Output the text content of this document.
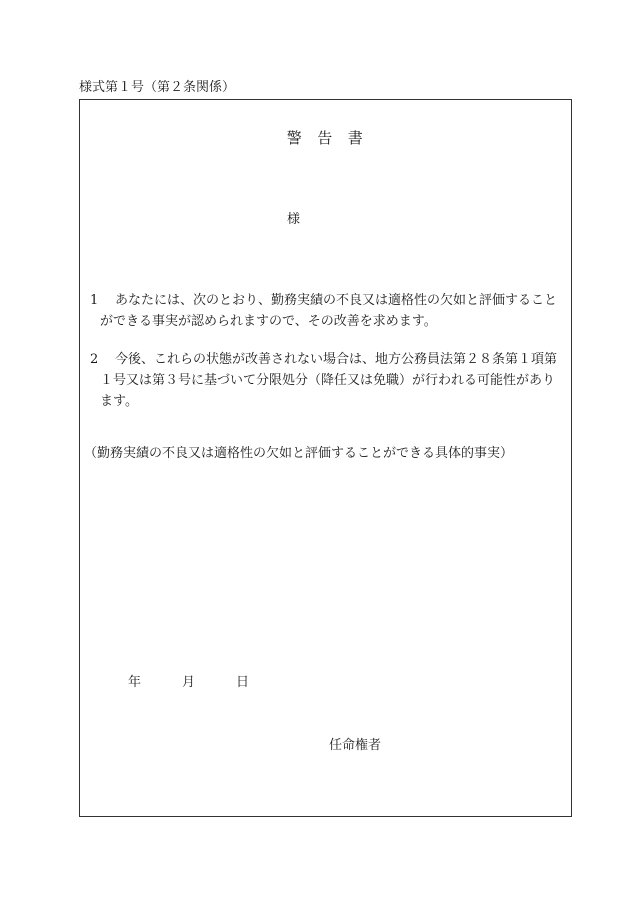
様式第１号（第２条関係）
警 告 書
様
1 あなたには、次のとおり、勤務実績の不良又は適格性の欠如と評価すること
ができる事実が認められますので、その改善を求めます。
2 今後、これらの状態が改善されない場合は、地方公務員法第２８条第１項第
１号又は第３号に基づいて分限処分（降任又は免職）が行われる可能性があり
ます。
（勤務実績の不良又は適格性の欠如と評価することができる具体的事実）
年	月	日
任命権者
